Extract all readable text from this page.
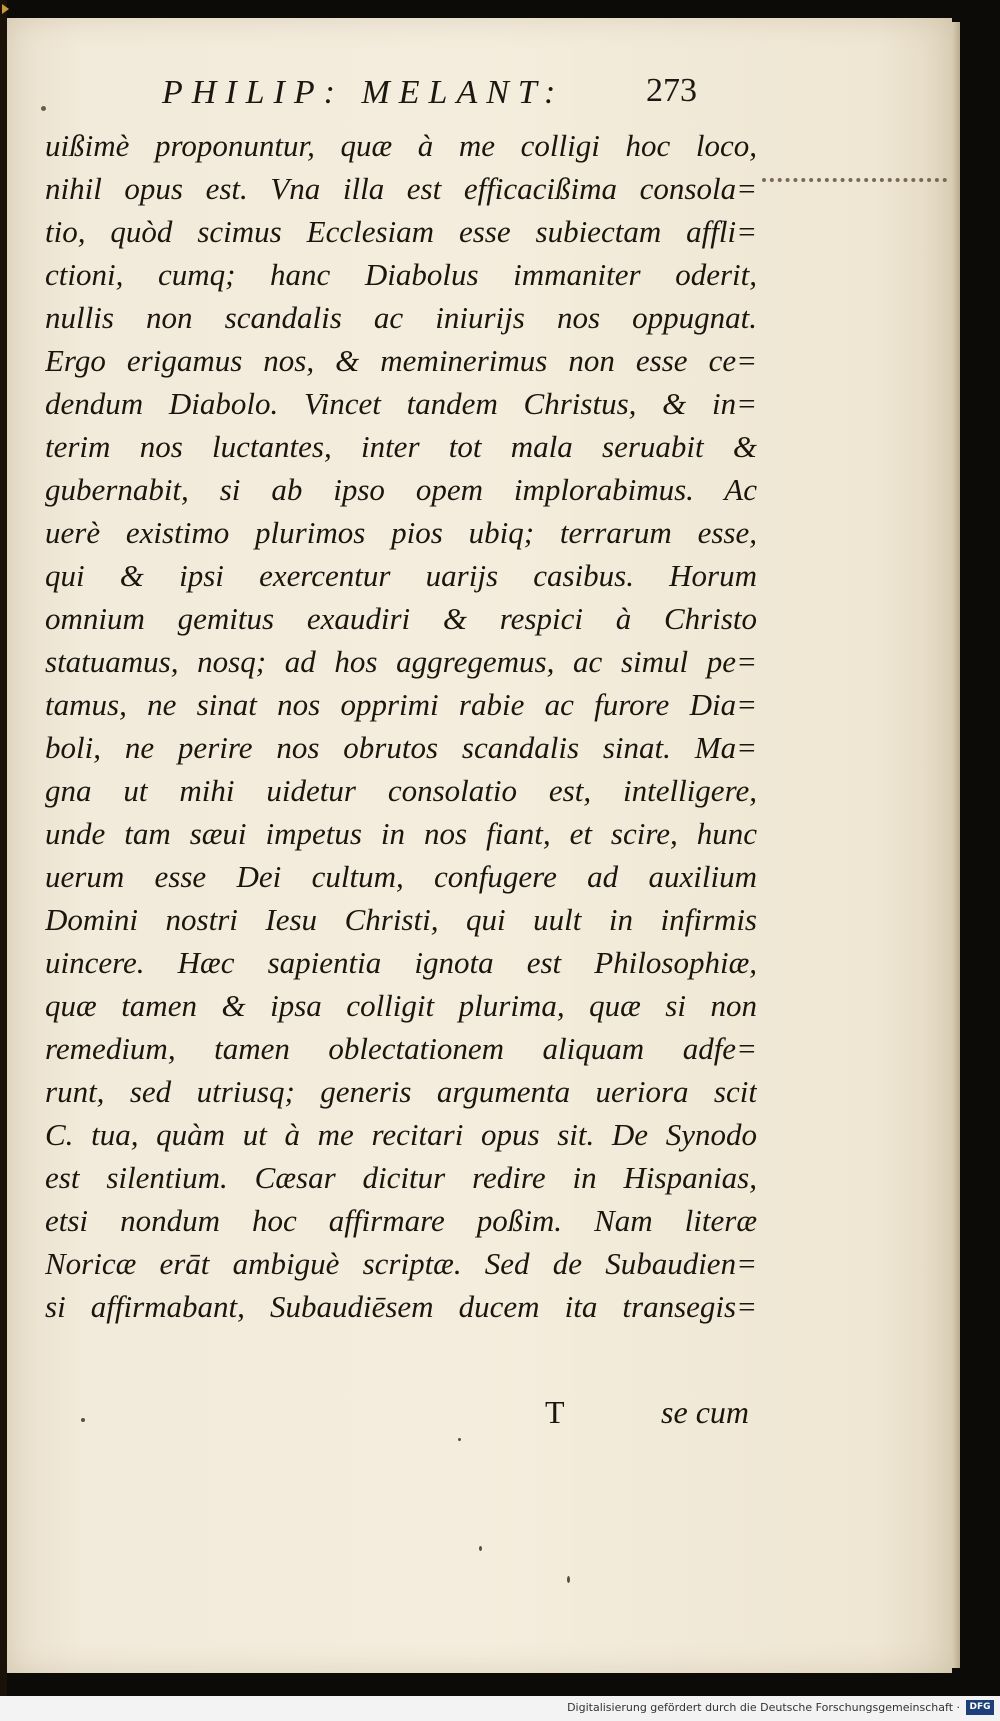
PHILIP: MELANT: 273
uißimè proponuntur, quæ à me colligi hoc loco,
nihil opus est. Vna illa est efficacißima consola=
tio, quòd scimus Ecclesiam esse subiectam affli=
ctioni, cumq; hanc Diabolus immaniter oderit,
nullis non scandalis ac iniurijs nos oppugnat.
Ergo erigamus nos, & meminerimus non esse ce=
dendum Diabolo. Vincet tandem Christus, & in=
terim nos luctantes, inter tot mala seruabit &
gubernabit, si ab ipso opem implorabimus. Ac
uerè existimo plurimos pios ubiq; terrarum esse,
qui & ipsi exercentur uarijs casibus. Horum
omnium gemitus exaudiri & respici à Christo
statuamus, nosq; ad hos aggregemus, ac simul pe=
tamus, ne sinat nos opprimi rabie ac furore Dia=
boli, ne perire nos obrutos scandalis sinat. Ma=
gna ut mihi uidetur consolatio est, intelligere,
unde tam sæui impetus in nos fiant, et scire, hunc
uerum esse Dei cultum, confugere ad auxilium
Domini nostri Iesu Christi, qui uult in infirmis
uincere. Hæc sapientia ignota est Philosophiæ,
quæ tamen & ipsa colligit plurima, quæ si non
remedium, tamen oblectationem aliquam adfe=
runt, sed utriusq; generis argumenta ueriora scit
C. tua, quàm ut à me recitari opus sit. De Synodo
est silentium. Cæsar dicitur redire in Hispanias,
etsi nondum hoc affirmare poßim. Nam literæ
Noricæ erāt ambiguè scriptæ. Sed de Subaudien=
si affirmabant, Subaudiēsem ducem ita transegis=
T	se cum
Digitalisierung gefördert durch die Deutsche Forschungsgemeinschaft ·	DFG
